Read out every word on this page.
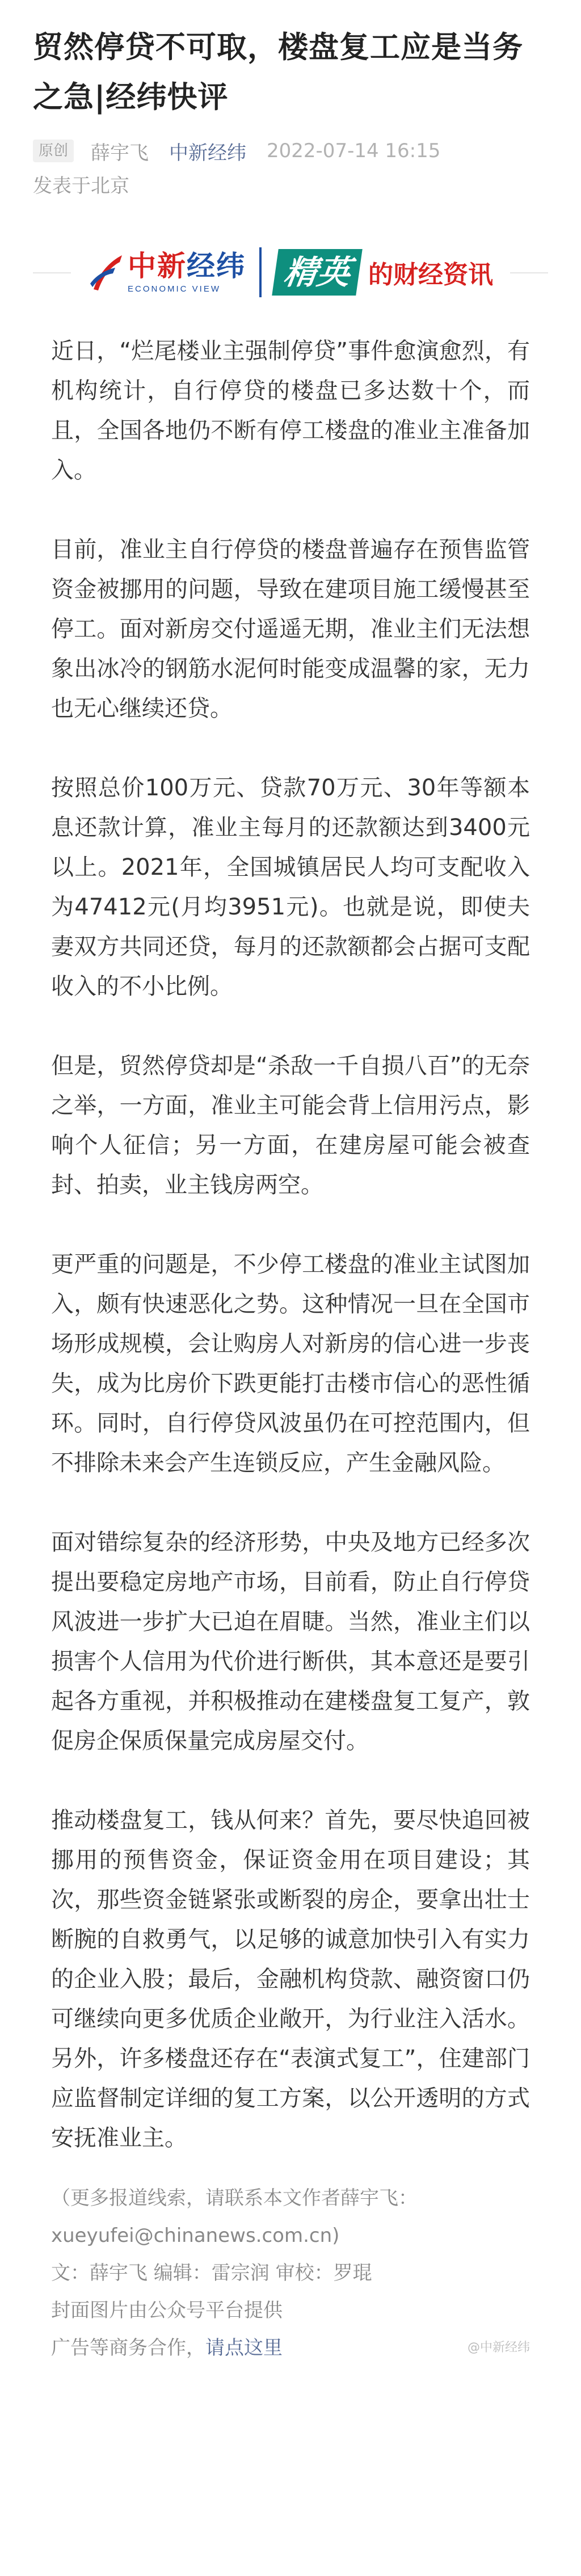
贸然停贷不可取，楼盘复工应是当务之急|经纬快评
原创 薛宇飞 中新经纬 2022-07-14 16:15
发表于北京
中新经纬
ECONOMIC VIEW	精英 的财经资讯

近日，“烂尾楼业主强制停贷”事件愈演愈烈，有机构统计，自行停贷的楼盘已多达数十个，而且，全国各地仍不断有停工楼盘的准业主准备加入。

目前，准业主自行停贷的楼盘普遍存在预售监管资金被挪用的问题，导致在建项目施工缓慢甚至停工。面对新房交付遥遥无期，准业主们无法想象出冰冷的钢筋水泥何时能变成温馨的家，无力也无心继续还贷。

按照总价100万元、贷款70万元、30年等额本息还款计算，准业主每月的还款额达到3400元以上。2021年，全国城镇居民人均可支配收入为47412元(月均3951元)。也就是说，即使夫妻双方共同还贷，每月的还款额都会占据可支配收入的不小比例。

但是，贸然停贷却是“杀敌一千自损八百”的无奈之举，一方面，准业主可能会背上信用污点，影响个人征信；另一方面，在建房屋可能会被查封、拍卖，业主钱房两空。

更严重的问题是，不少停工楼盘的准业主试图加入，颇有快速恶化之势。这种情况一旦在全国市场形成规模，会让购房人对新房的信心进一步丧失，成为比房价下跌更能打击楼市信心的恶性循环。同时，自行停贷风波虽仍在可控范围内，但不排除未来会产生连锁反应，产生金融风险。

面对错综复杂的经济形势，中央及地方已经多次提出要稳定房地产市场，目前看，防止自行停贷风波进一步扩大已迫在眉睫。当然，准业主们以损害个人信用为代价进行断供，其本意还是要引起各方重视，并积极推动在建楼盘复工复产，敦促房企保质保量完成房屋交付。

推动楼盘复工，钱从何来？首先，要尽快追回被挪用的预售资金，保证资金用在项目建设；其次，那些资金链紧张或断裂的房企，要拿出壮士断腕的自救勇气，以足够的诚意加快引入有实力的企业入股；最后，金融机构贷款、融资窗口仍可继续向更多优质企业敞开，为行业注入活水。另外，许多楼盘还存在“表演式复工”，住建部门应监督制定详细的复工方案，以公开透明的方式安抚准业主。

（更多报道线索，请联系本文作者薛宇飞：
xueyufei@chinanews.com.cn)
文：薛宇飞 编辑：雷宗润 审校：罗琨
封面图片由公众号平台提供
广告等商务合作，请点这里	@中新经纬
